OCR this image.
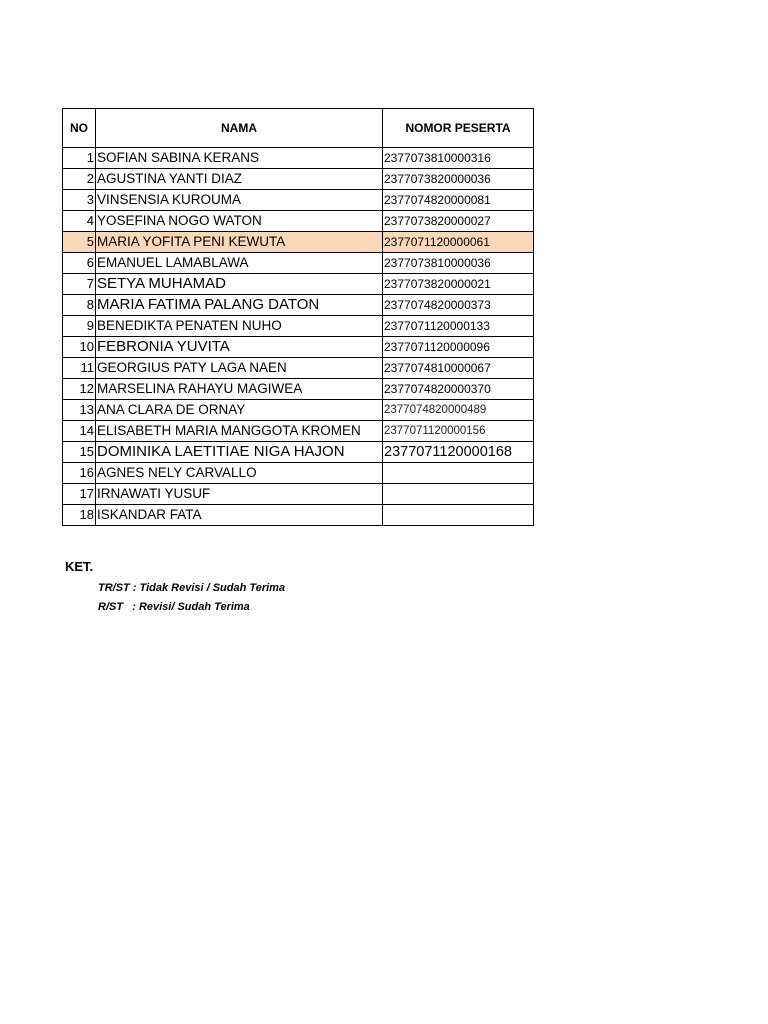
NO	NAMA	NOMOR PESERTA
1	SOFIAN SABINA KERANS	2377073810000316
2	AGUSTINA YANTI DIAZ	2377073820000036
3	VINSENSIA KUROUMA	2377074820000081
4	YOSEFINA NOGO WATON	2377073820000027
5	MARIA YOFITA PENI KEWUTA	2377071120000061
6	EMANUEL LAMABLAWA	2377073810000036
7	SETYA MUHAMAD	2377073820000021
8	MARIA FATIMA PALANG DATON	2377074820000373
9	BENEDIKTA PENATEN NUHO	2377071120000133
10	FEBRONIA YUVITA	2377071120000096
11	GEORGIUS PATY LAGA NAEN	2377074810000067
12	MARSELINA RAHAYU MAGIWEA	2377074820000370
13	ANA CLARA DE ORNAY	2377074820000489
14	ELISABETH MARIA MANGGOTA KROMEN	2377071120000156
15	DOMINIKA LAETITIAE NIGA HAJON	2377071120000168
16	AGNES NELY CARVALLO	
17	IRNAWATI YUSUF	
18	ISKANDAR FATA	
KET.
TR/ST : Tidak Revisi / Sudah Terima
R/ST   : Revisi/ Sudah Terima
